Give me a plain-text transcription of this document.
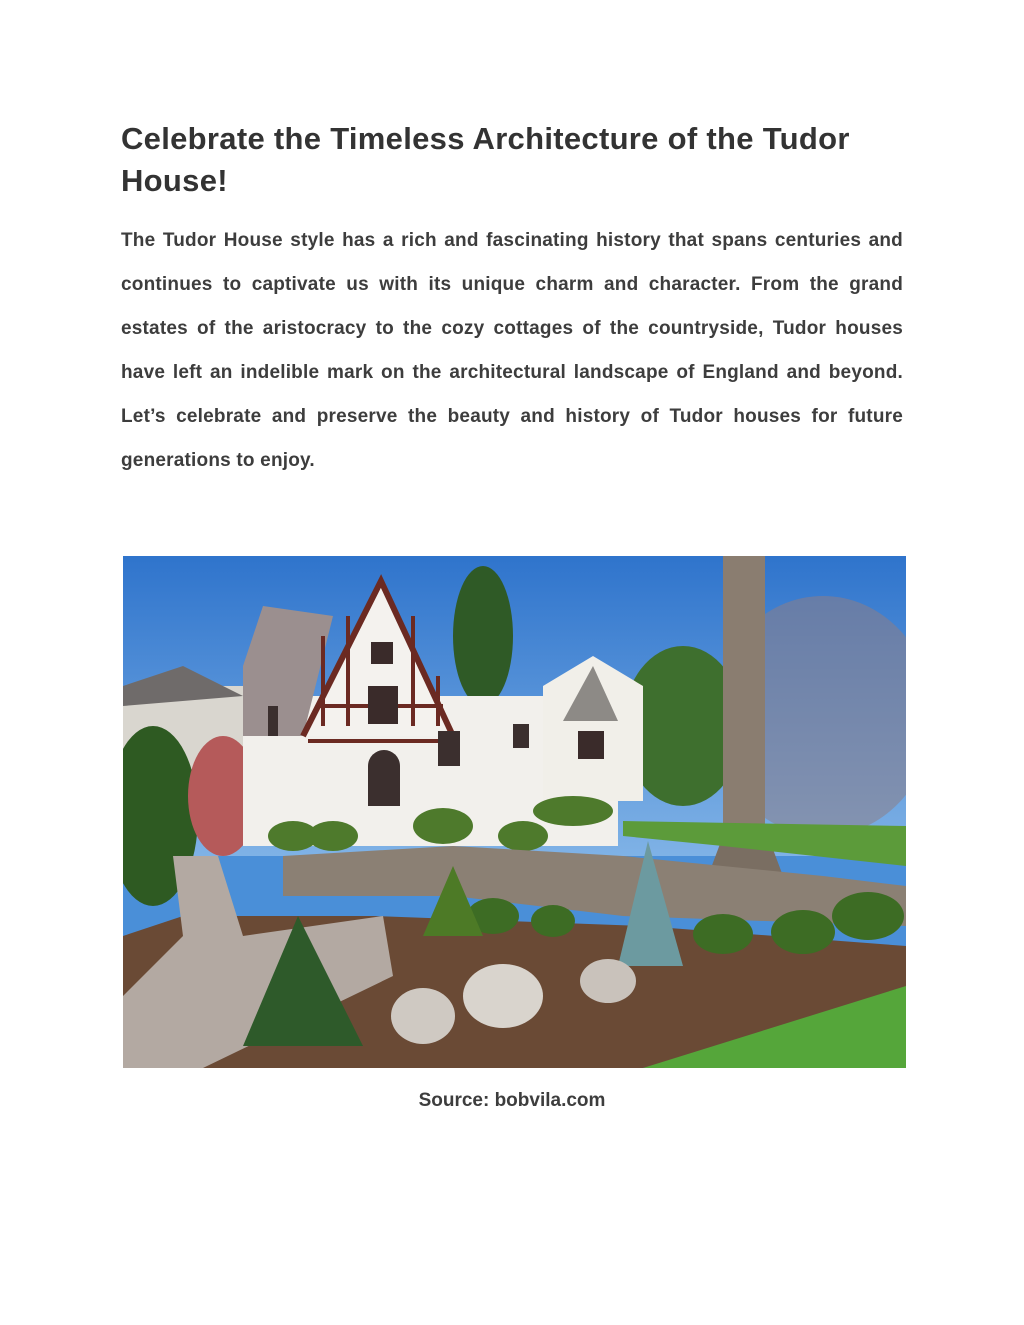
Celebrate the Timeless Architecture of the Tudor House!

The Tudor House style has a rich and fascinating history that spans centuries and continues to captivate us with its unique charm and character. From the grand estates of the aristocracy to the cozy cottages of the countryside, Tudor houses have left an indelible mark on the architectural landscape of England and beyond. Let’s celebrate and preserve the beauty and history of Tudor houses for future generations to enjoy.

Source: bobvila.com
